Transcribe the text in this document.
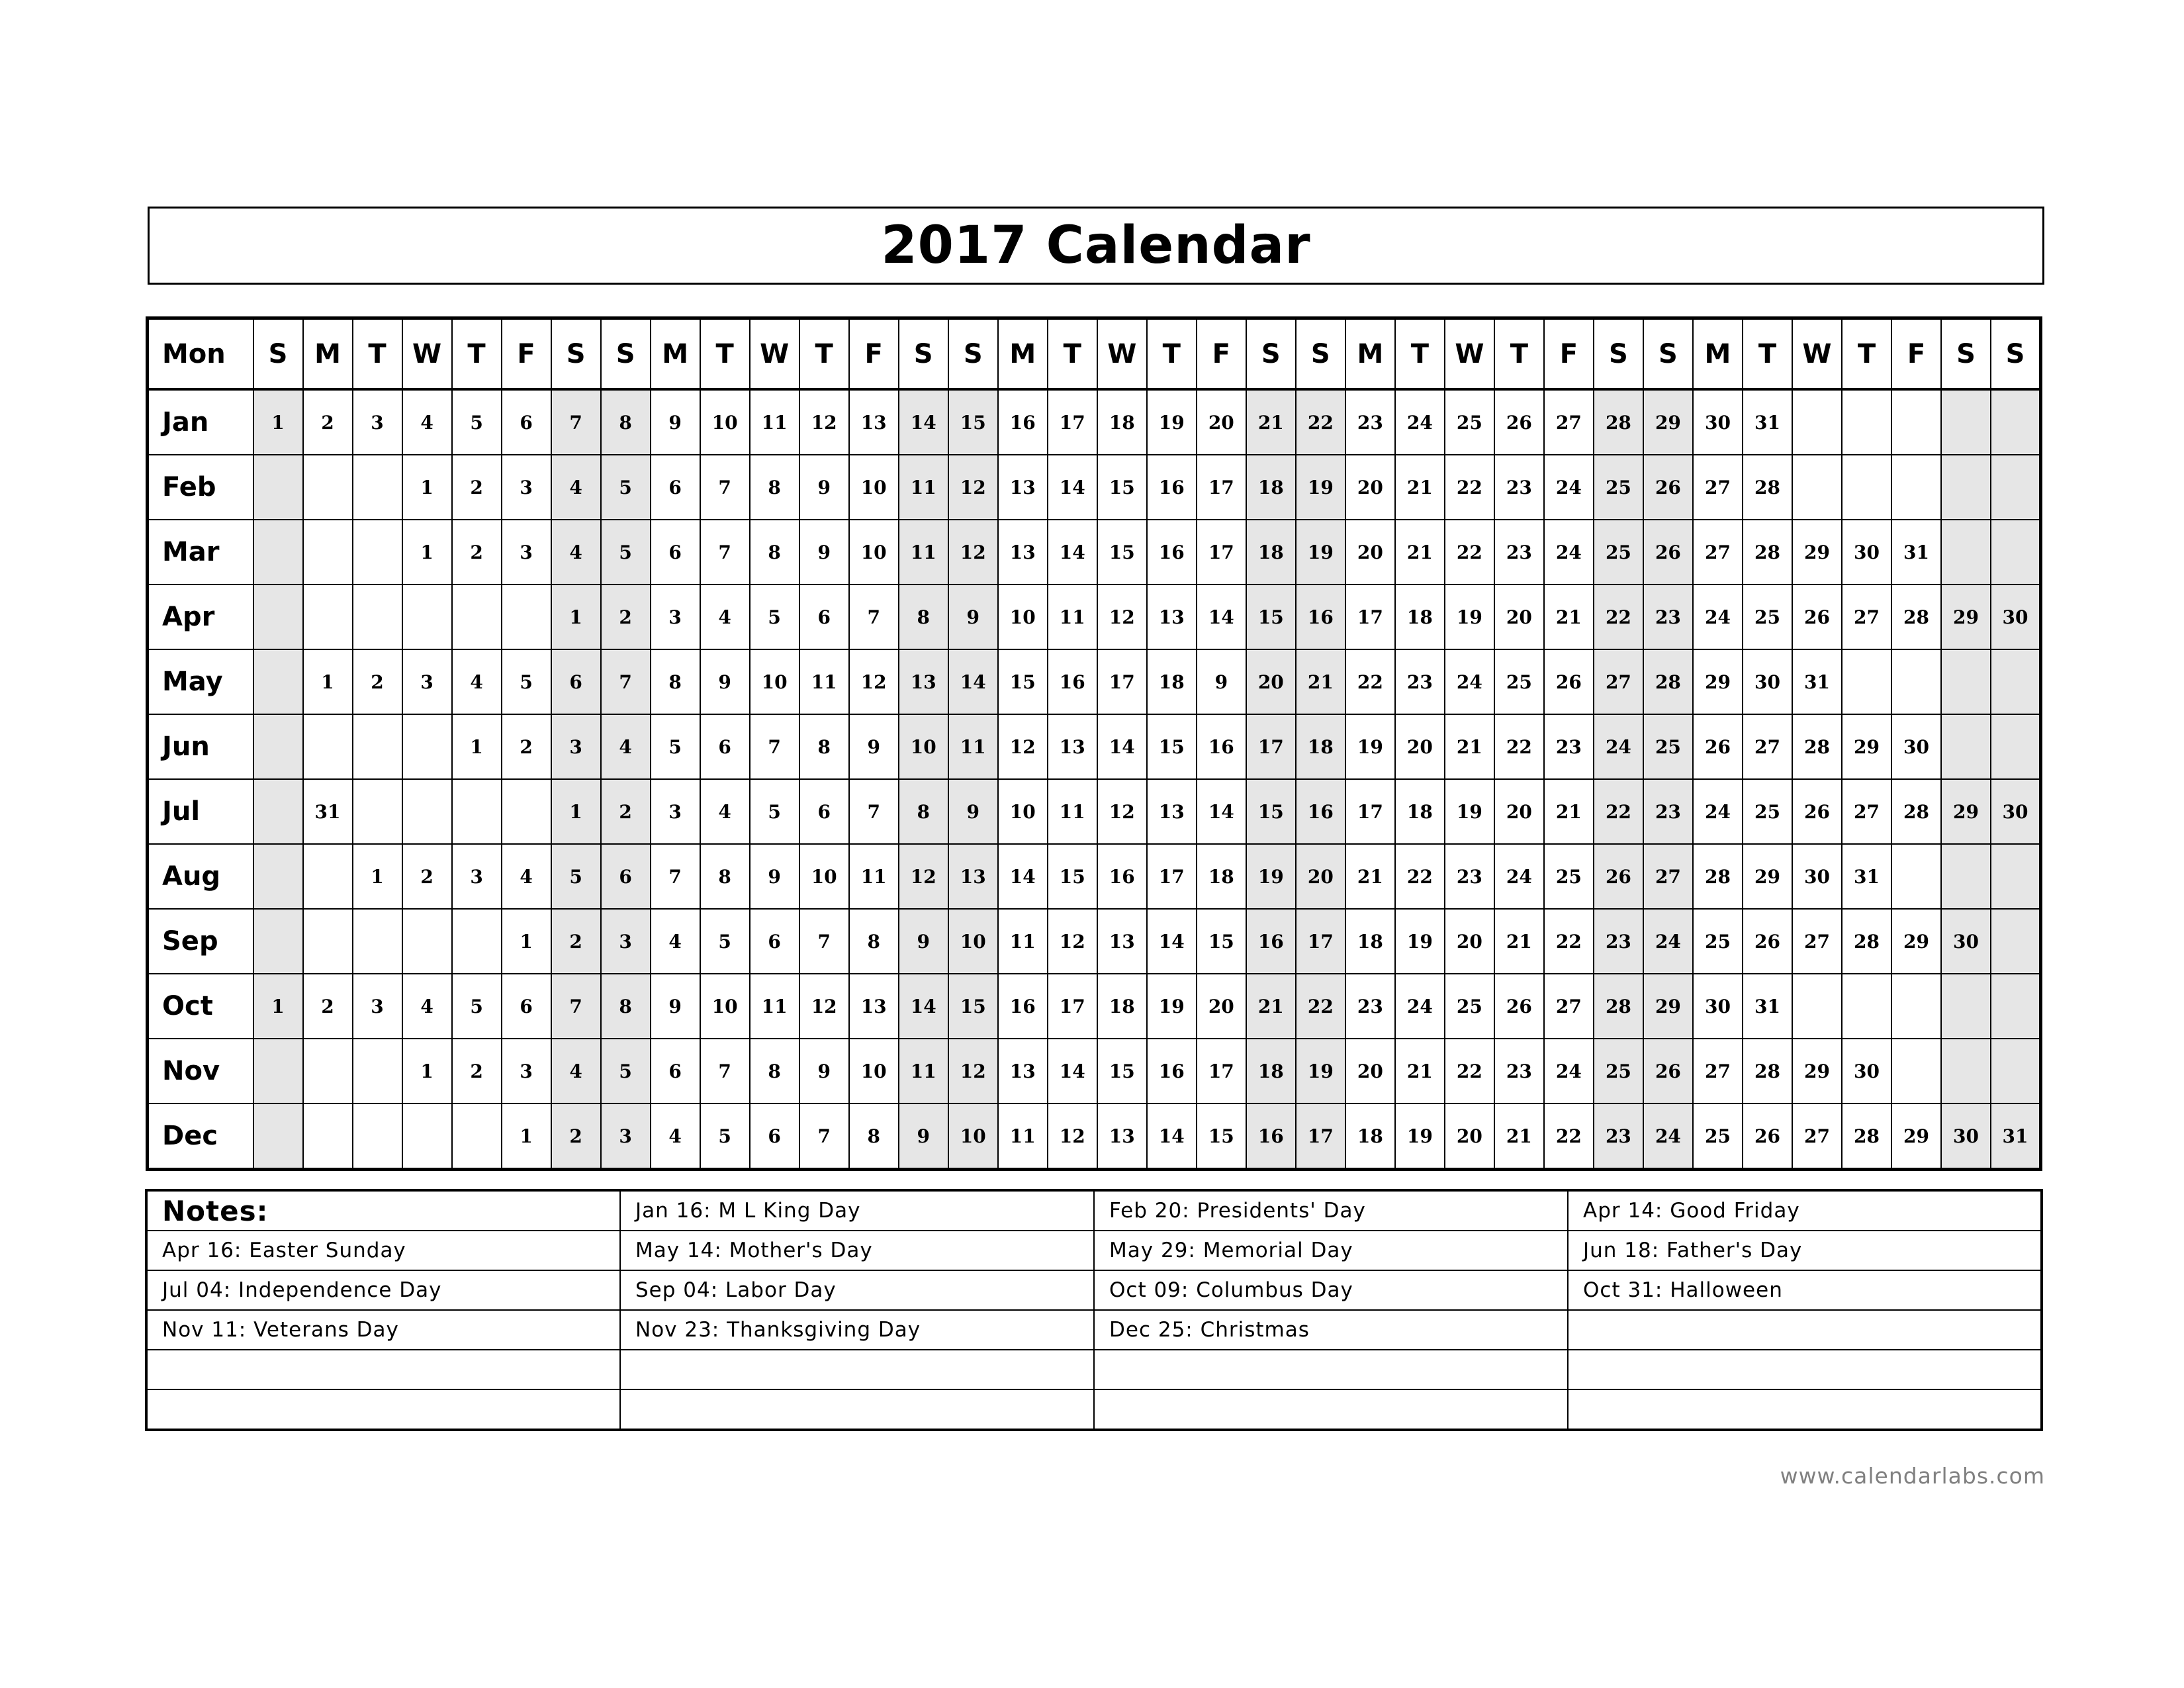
2017 Calendar
Mon	S	M	T	W	T	F	S	S	M	T	W	T	F	S	S	M	T	W	T	F	S	S	M	T	W	T	F	S	S	M	T	W	T	F	S	S
Jan	1	2	3	4	5	6	7	8	9	10	11	12	13	14	15	16	17	18	19	20	21	22	23	24	25	26	27	28	29	30	31					
Feb				1	2	3	4	5	6	7	8	9	10	11	12	13	14	15	16	17	18	19	20	21	22	23	24	25	26	27	28					
Mar				1	2	3	4	5	6	7	8	9	10	11	12	13	14	15	16	17	18	19	20	21	22	23	24	25	26	27	28	29	30	31		
Apr							1	2	3	4	5	6	7	8	9	10	11	12	13	14	15	16	17	18	19	20	21	22	23	24	25	26	27	28	29	30
May		1	2	3	4	5	6	7	8	9	10	11	12	13	14	15	16	17	18	9	20	21	22	23	24	25	26	27	28	29	30	31				
Jun					1	2	3	4	5	6	7	8	9	10	11	12	13	14	15	16	17	18	19	20	21	22	23	24	25	26	27	28	29	30		
Jul		31					1	2	3	4	5	6	7	8	9	10	11	12	13	14	15	16	17	18	19	20	21	22	23	24	25	26	27	28	29	30
Aug			1	2	3	4	5	6	7	8	9	10	11	12	13	14	15	16	17	18	19	20	21	22	23	24	25	26	27	28	29	30	31			
Sep						1	2	3	4	5	6	7	8	9	10	11	12	13	14	15	16	17	18	19	20	21	22	23	24	25	26	27	28	29	30	
Oct	1	2	3	4	5	6	7	8	9	10	11	12	13	14	15	16	17	18	19	20	21	22	23	24	25	26	27	28	29	30	31					
Nov				1	2	3	4	5	6	7	8	9	10	11	12	13	14	15	16	17	18	19	20	21	22	23	24	25	26	27	28	29	30			
Dec						1	2	3	4	5	6	7	8	9	10	11	12	13	14	15	16	17	18	19	20	21	22	23	24	25	26	27	28	29	30	31
Notes:	Jan 16: M L King Day	Feb 20: Presidents' Day	Apr 14: Good Friday
Apr 16: Easter Sunday	May 14: Mother's Day	May 29: Memorial Day	Jun 18: Father's Day
Jul 04: Independence Day	Sep 04: Labor Day	Oct 09: Columbus Day	Oct 31: Halloween
Nov 11: Veterans Day	Nov 23: Thanksgiving Day	Dec 25: Christmas	

www.calendarlabs.com
